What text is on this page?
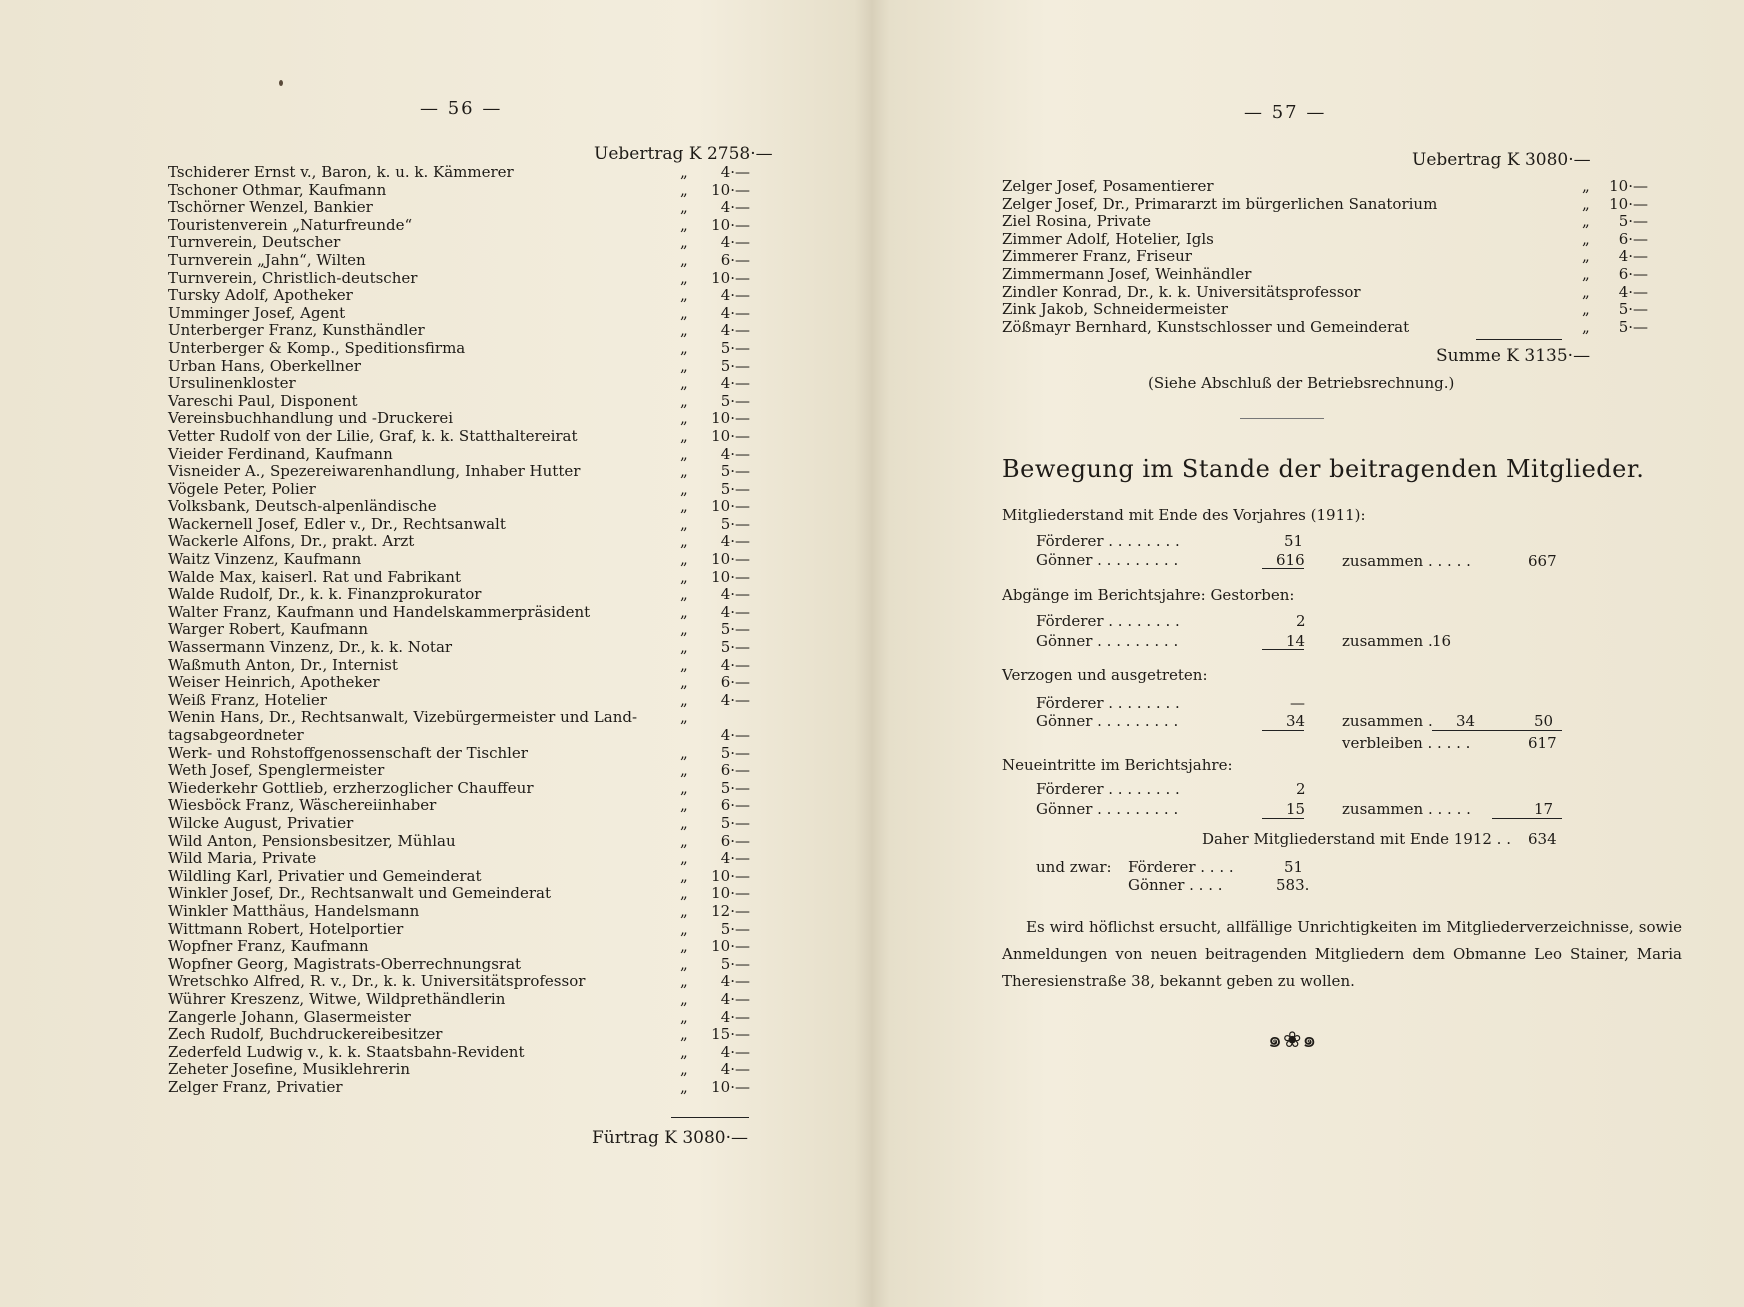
— 56 —
Uebertrag K 2758·—
Tschiderer Ernst v., Baron, k. u. k. Kämmerer	„	4·—
Tschoner Othmar, Kaufmann	„ 10·—
Tschörner Wenzel, Bankier	„	4·—
Touristenverein „Naturfreunde“	„ 10·—
Turnverein, Deutscher	„	4·—
Turnverein „Jahn“, Wilten	„	6·—
Turnverein, Christlich-deutscher	„ 10·—
Tursky Adolf, Apotheker	„	4·—
Umminger Josef, Agent	„	4·—
Unterberger Franz, Kunsthändler	„	4·—
Unterberger & Komp., Speditionsfirma	„	5·—
Urban Hans, Oberkellner	„	5·—
Ursulinenkloster	„	4·—
Vareschi Paul, Disponent	„	5·—
Vereinsbuchhandlung und -Druckerei	„ 10·—
Vetter Rudolf von der Lilie, Graf, k. k. Statthaltereirat	„ 10·—
Vieider Ferdinand, Kaufmann	„	4·—
Visneider A., Spezereiwarenhandlung, Inhaber Hutter	„	5·—
Vögele Peter, Polier	„	5·—
Volksbank, Deutsch-alpenländische	„ 10·—
Wackernell Josef, Edler v., Dr., Rechtsanwalt	„	5·—
Wackerle Alfons, Dr., prakt. Arzt	„	4·—
Waitz Vinzenz, Kaufmann	„ 10·—
Walde Max, kaiserl. Rat und Fabrikant	„ 10·—
Walde Rudolf, Dr., k. k. Finanzprokurator	„	4·—
Walter Franz, Kaufmann und Handelskammerpräsident	„	4·—
Warger Robert, Kaufmann	„	5·—
Wassermann Vinzenz, Dr., k. k. Notar	„	5·—
Waßmuth Anton, Dr., Internist	„	4·—
Weiser Heinrich, Apotheker	„	6·—
Weiß Franz, Hotelier	„	4·—
Wenin Hans, Dr., Rechtsanwalt, Vizebürgermeister und Land-	„
tagsabgeordneter	4·—
Werk- und Rohstoffgenossenschaft der Tischler	„	5·—
Weth Josef, Spenglermeister	„	6·—
Wiederkehr Gottlieb, erzherzoglicher Chauffeur	„	5·—
Wiesböck Franz, Wäschereiinhaber	„	6·—
Wilcke August, Privatier	„	5·—
Wild Anton, Pensionsbesitzer, Mühlau	„	6·—
Wild Maria, Private	„	4·—
Wildling Karl, Privatier und Gemeinderat	„ 10·—
Winkler Josef, Dr., Rechtsanwalt und Gemeinderat	„ 10·—
Winkler Matthäus, Handelsmann	„ 12·—
Wittmann Robert, Hotelportier	„	5·—
Wopfner Franz, Kaufmann	„ 10·—
Wopfner Georg, Magistrats-Oberrechnungsrat	„	5·—
Wretschko Alfred, R. v., Dr., k. k. Universitätsprofessor	„	4·—
Wührer Kreszenz, Witwe, Wildprethändlerin	„	4·—
Zangerle Johann, Glasermeister	„	4·—
Zech Rudolf, Buchdruckereibesitzer	„ 15·—
Zederfeld Ludwig v., k. k. Staatsbahn-Revident	„	4·—
Zeheter Josefine, Musiklehrerin	„	4·—
Zelger Franz, Privatier	„ 10·—
Fürtrag K 3080·—
— 57 —
Uebertrag K 3080·—
Zelger Josef, Posamentierer	„ 10·—
Zelger Josef, Dr., Primararzt im bürgerlichen Sanatorium	„ 10·—
Ziel Rosina, Private	„	5·—
Zimmer Adolf, Hotelier, Igls	„	6·—
Zimmerer Franz, Friseur	„	4·—
Zimmermann Josef, Weinhändler	„	6·—
Zindler Konrad, Dr., k. k. Universitätsprofessor	„	4·—
Zink Jakob, Schneidermeister	„	5·—
Zößmayr Bernhard, Kunstschlosser und Gemeinderat	„	5·—
Summe K 3135·—
(Siehe Abschluß der Betriebsrechnung.)
Bewegung im Stande der beitragenden Mitglieder.
Mitgliederstand mit Ende des Vorjahres (1911):
Förderer . . . . . . . .	51
Gönner . . . . . . . . .	616 zusammen . . . . .	667
Abgänge im Berichtsjahre: Gestorben:
Förderer . . . . . . . .	2
Gönner . . . . . . . . .	14 zusammen . 16
Verzogen und ausgetreten:
Förderer . . . . . . . .	—
Gönner . . . . . . . . .	34 zusammen . 34	50
verbleiben . . . . .	617
Neueintritte im Berichtsjahre:
Förderer . . . . . . . .	2
Gönner . . . . . . . . .	15 zusammen . . . . .	17
Daher Mitgliederstand mit Ende 1912 . . 634
und zwar: Förderer . . . .	51
Gönner . . . .	583.
Es wird höflichst ersucht, allfällige Unrichtigkeiten im Mitgliederverzeichnisse, sowie Anmeldungen von neuen beitragenden Mitgliedern dem Obmanne Leo Stainer, Maria Theresienstraße 38, bekannt geben zu wollen.
๑❀๑
